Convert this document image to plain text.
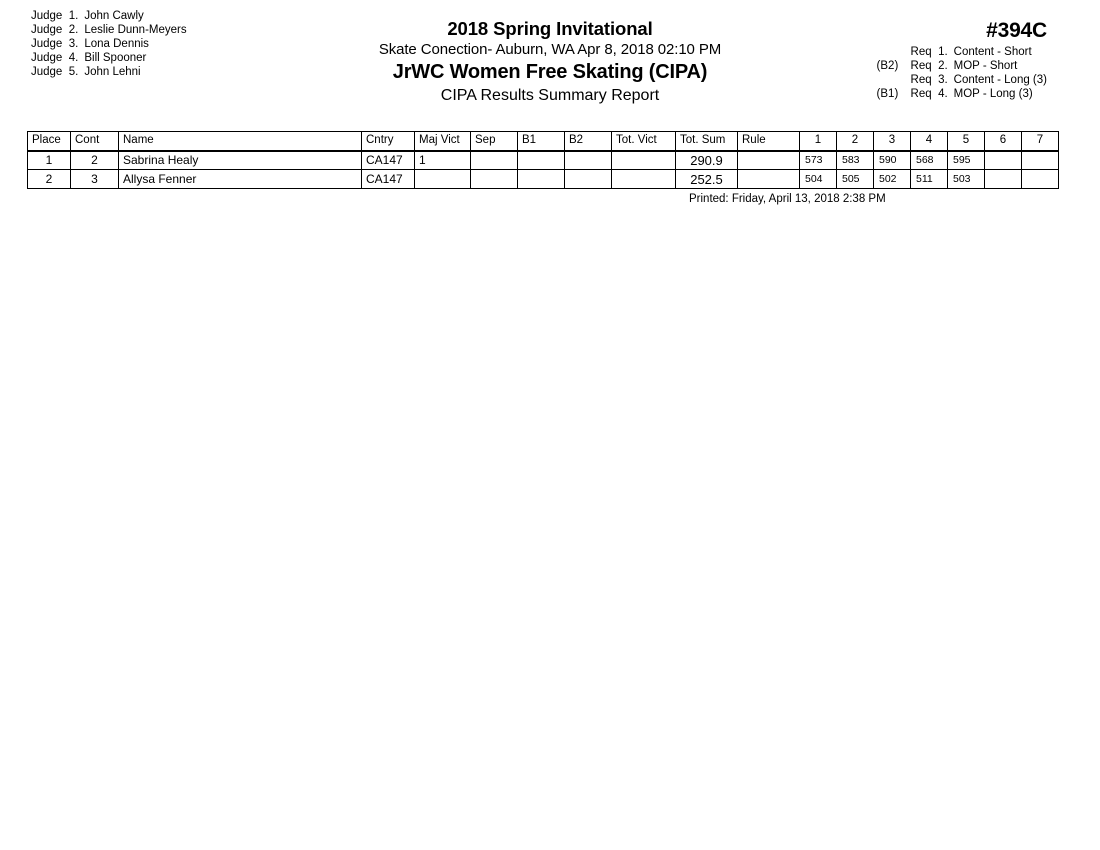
Judge 1. John Cawly
Judge 2. Leslie Dunn-Meyers
Judge 3. Lona Dennis
Judge 4. Bill Spooner
Judge 5. John Lehni
2018 Spring Invitational
Skate Conection- Auburn, WA Apr 8, 2018 02:10 PM
JrWC Women Free Skating (CIPA)
CIPA Results Summary Report
#394C
Req 1. Content - Short
(B2) Req 2. MOP - Short
Req 3. Content - Long (3)
(B1) Req 4. MOP - Long (3)
Place	Cont	Name	Cntry	Maj Vict	Sep	B1	B2	Tot. Vict	Tot. Sum	Rule	1	2	3	4	5	6	7
1	2	Sabrina Healy	CA147	1					290.9		573	583	590	568	595		
2	3	Allysa Fenner	CA147						252.5		504	505	502	511	503		
Printed: Friday, April 13, 2018 2:38 PM
